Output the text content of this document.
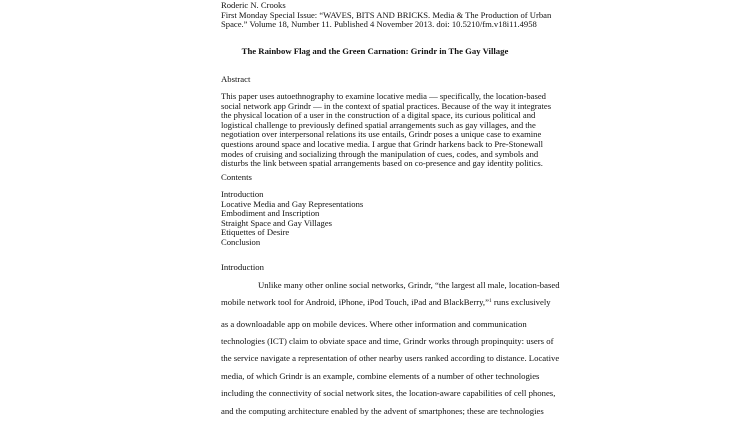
Roderic N. Crooks
First Monday Special Issue: “WAVES, BITS AND BRICKS. Media & The Production of Urban
Space.” Volume 18, Number 11. Published 4 November 2013. doi: 10.5210/fm.v18i11.4958
The Rainbow Flag and the Green Carnation: Grindr in The Gay Village
Abstract
This paper uses autoethnography to examine locative media — specifically, the location-based
social network app Grindr — in the context of spatial practices. Because of the way it integrates
the physical location of a user in the construction of a digital space, its curious political and
logistical challenge to previously defined spatial arrangements such as gay villages, and the
negotiation over interpersonal relations its use entails, Grindr poses a unique case to examine
questions around space and locative media. I argue that Grindr harkens back to Pre-Stonewall
modes of cruising and socializing through the manipulation of cues, codes, and symbols and
disturbs the link between spatial arrangements based on co-presence and gay identity politics.
Contents
Introduction
Locative Media and Gay Representations
Embodiment and Inscription
Straight Space and Gay Villages
Etiquettes of Desire
Conclusion
Introduction
Unlike many other online social networks, Grindr, “the largest all male, location-based
mobile network tool for Android, iPhone, iPod Touch, iPad and BlackBerry,”$^1$ runs exclusively
as a downloadable app on mobile devices. Where other information and communication
technologies (ICT) claim to obviate space and time, Grindr works through propinquity: users of
the service navigate a representation of other nearby users ranked according to distance. Locative
media, of which Grindr is an example, combine elements of a number of other technologies
including the connectivity of social network sites, the location-aware capabilities of cell phones,
and the computing architecture enabled by the advent of smartphones; these are technologies
